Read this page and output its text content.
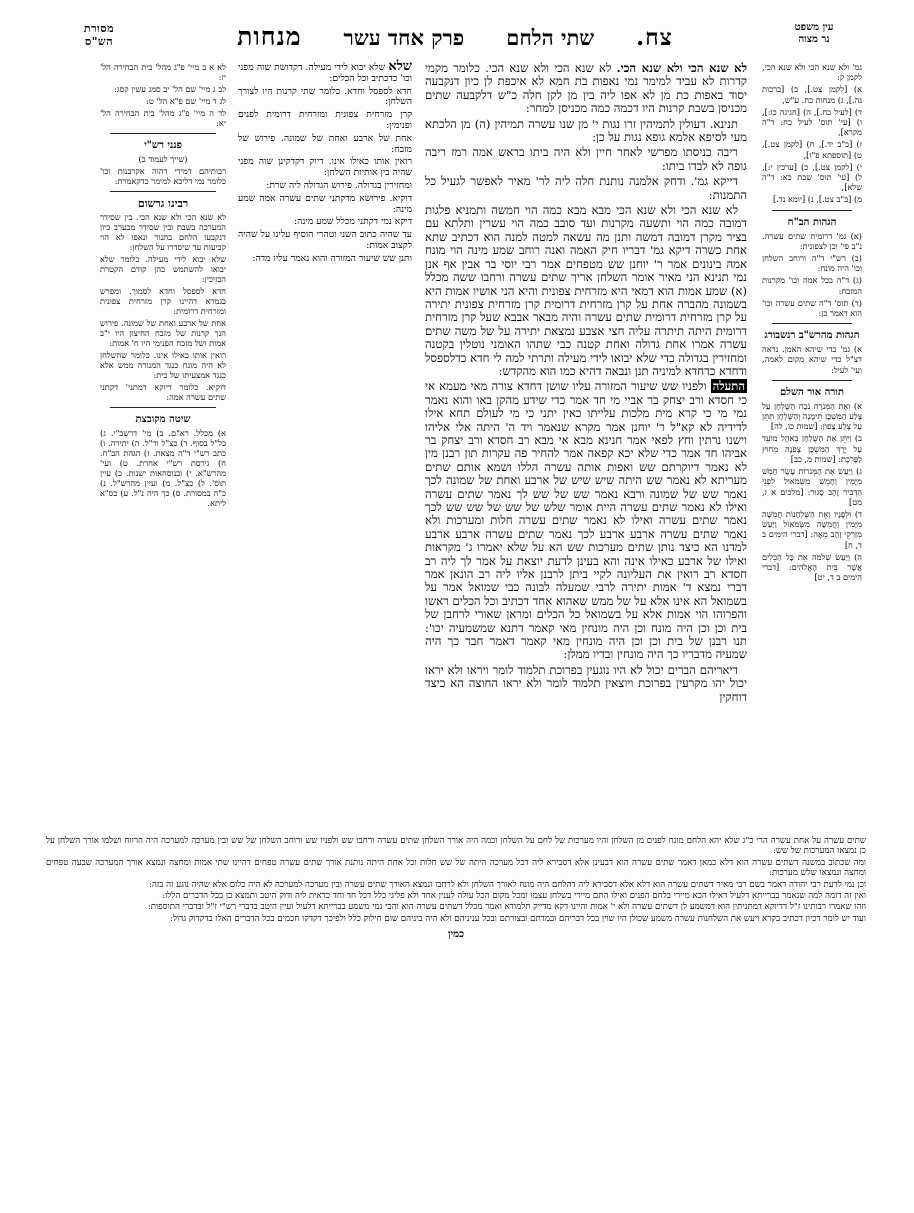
מסורת
הש"ס	מנחות פרק אחד עשר שתי הלחם צח.	עין משפט
נר מצוה

גמ' ולא שנא הכי ולא שנא הכי, לקמן ק:

א) [לקמן צט.], ב) [ברכות נה.], ג) מנחות כח. ע"ש,

ד) [לעיל כח.], ה) [חגיגה כו:], ו) [עי' תוס' לעיל כח: ד"ה מקרא],

ז) [ב"ב יד.], ח) [לקמן צט.], ט) [תוספתא פ"ו],

י) [לקמן צט.], כ) [ערכין י:], ל) [עי' תוס' שבת כא: ד"ה שלא],

מ) [ב"ב צט.], נ) [יומא נד.]

הגהות הב"ח

(א) גמ' דרומית שתים עשרה. נ"ב פי' וכן לצפונית:

(ב) רש"י ד"ה ורוחב השלחן וכו' היה מונח:

(ג) ד"ה בכל אמה וכו' מקרנות המזבח:

(ד) תוס' ד"ה שתים עשרה וכו' הוא דאמר כן:

הגהות מהרש"ב רנשבורג

א) גמ' כדי שיהא האמן. נראה דצ"ל כדי שיהא מקום לאמה, ועי' לעיל:

תורה אור השלם

א) וְאֶת הַמְּנֹרָה נֹכַח הַשֻּׁלְחָן עַל צֶלַע הַמִּשְׁכָּן תֵּימָנָה וְהַשֻּׁלְחָן תִּתֵּן עַל צֶלַע צָפוֹן: [שמות כו, לה]

ב) וַיִּתֵּן אֶת הַשֻּׁלְחָן בְּאֹהֶל מוֹעֵד עַל יֶרֶךְ הַמִּשְׁכָּן צָפֹנָה מִחוּץ לַפָּרֹכֶת: [שמות מ, כב]

ג) וַיַּעַשׂ אֶת הַמְּנֹרוֹת עֶשֶׂר חָמֵשׁ מִיָּמִין וְחָמֵשׁ מִשְּׂמֹאול לִפְנֵי הַדְּבִיר זָהָב סָגוּר: [מלכים א ז, מט]

ד) וּלְפָנָיו וְאֶת הַשֻּׁלְחָנוֹת חֲמִשָּׁה מִיָּמִין וַחֲמִשָּׁה מִשְּׂמֹאול וַיַּעַשׂ מִזְרְקֵי זָהָב מֵאָה: [דברי הימים ב ד, ח]

ה) וַיַּעַשׂ שְׁלֹמֹה אֵת כָּל הַכֵּלִים אֲשֶׁר בֵּית הָאֱלֹהִים: [דברי הימים ב ד, יט]

לא שנא הכי ולא שנא הכי. לא שנא הכי ולא שנא הכי. כלומר מקמי קדרות לא עביד למימר נמי נאפות בת חמא לא איכפת לן כיון דנקבעה יסוד באפות כת מן לא אפו ליה בין מן לקן חלה כ"ש דלקבעה שתים מכניסן בשבת קרנות היו דכמה כמה מכניסן למחר:

תנינא. דעולין לתמיהין זרו נגות י' מן שנו עשרה תמיהין (ה) מן הלכתא מעי לסיפא אלמא גופא נגות על כן:

ריבה כניסתו מפרשי לאחר חיין ולא היה ביתו בראש אמה רמז ריבה גופה לא לבדו ביתו:

דייקא גמ'. ודחק אלמנה נותנת חלה ליה לר' מאיר לאפשר לגעיל כל התמנות:

לא שנא הכי ולא שנא הכי מבא מבא כמה הוי חמשה ותמניא פלגות דמובה כמה הוי ותשעה מקרנות ועד סובב כמה הוי עשרין ותלתא עם בציר מקרן דמובה דמשה ותנן מה עשאה למטה למנה הוא דכתיב שתא אחת כשרה דיקא גמ' דבריו חיק האמה ואנה רוחב שמע מינה הוי מונח אמה בינונים אמר ר' יוחנן שש מטפחים אמר רבי יוסי בר אבין אף אנן נמי תנינא הני מאיר אומר השלחן אריך שתים עשרה ורחבו ששה מכלל (א) שמע אמות הוא דמאי היא מזרחית צפונית והיא הני אושיו אמות היא בשמונה מהברה אחת על קרן מזרחית דרומית קרן מזרחית צפונית יתירה על קרן מזרחית דרומית שתים עשרה והיה מבאר אבבא שעל קרן מזרחית דרומית היתה תיתרה עליה חצי אצבע נמצאת יתירה על של משה שתים עשרה אמרו אחת גדולה ואחת קטנה כבי שתהו האומני נוטלין בקטנה ומחזירין בגדולה כדי שלא יבואו לידי מעילה ותרתי למה לי חדא כדלספסל ודחדא כדחדא למיניה תנן ונבאה דהיא כמו הוא מהקדש:

התעלה ולפניו שש שיעור המזורה עליו שושן דחדא צורה מאי מעמא אי כי חסדא ורב יצחק בר אביי מי חד אמר כדי שידע מהקן באו והוא נאמר נמי מי כי קרא מית מלכות עלייתו כאין יתני כי מי לעולם תחא אילו לדידיה לא קא"ל ר' יוחנן אמר מקרא שנאמר ויד ה' היתה אלי אליהו וישנו נרתין וחץ לפאי אמר חנינא מבא אי מבא רב חסדא ורב יצחק בר אביהו חד אמר כדי שלא יכא קפאה אמר להחיר פה עקרות תון רבנן מין לא נאמר דיוקרתם שש ואפות אותה עשרה הללו ושמא אותם שתים מעריתא לא נאמר שש היתה שיש שיש של ארבע ואחת של שמונה לכך נאמר שש של שמונה ורבא נאמר שש של שש לך נאמר שתים עשרה ואילו לא נאמר שתים עשרה היית אומר שלש של שש של שש שש לכך נאמר שתים עשרה ואילו לא נאמר שתים עשרה חלות ומערכות ולא נאמר שתים עשרה ארבע ארבע לכך נאמר שתים עשרה ארבע ארבע למדנו הא כיצד נותן שתים מערכות שש הא על שלא יאמרו ג' מקראות ואילו של ארבע כאילו אינה והא בעינן לדעת יוצאת על אמר לך ליה רב חסדא רב רואין את העליונה לקיי ביתן לרבנן אליו ליה רב הונאן אמר דברי נמצא ד' אמות יתירה לרבי שמעלה לבונה כבי שמואל אמר על בשמואל הא אינו אלא על של ממש שאהוא אחד דכתיב וכל הכלים ראשו והפרוהו הוי אמות אלא על בשמואל כל הכלים ומראן שאורי לרחבן של בית וכן וכן היה מונח וכן היה מונחין מאי קאמר דתנא שמשמעיה יכו': תנו רבנן של בית וכן וכן היה מונחין מאי קאמר דאמר חבר כך היה שמעיה מדבריו כך היה מונחין ובדיו ממלן:

דיאריהם הברים יכול לא היו נוגעין בפרוכת תלמוד לומר ויראו ולא יראו יכול יהו מקרעין בפרוכת ויוצאין תלמוד לומר ולא יראו החוצה הא כיצד דוחקין

שלא שלא יבוא לידי מעילה. דקדושת שוה מפני וכו' כדכתיב וכל הכלים:

חדא לספסל וחדא. כלומר שתי קרנות היו לצורך השלחן:

קרן מזרחית צפונית ומזרחית דרומית לפנים ופנימין:

אחת של ארבע ואחת של שמונה. פירוש של מזבח:

רואין אותו כאילו אינו. דיוק דקדקינן שוה מפני שהיה בין אותיות השלחן:

ומחזירין בגדולה. פירוש הגדולה ליה שרת:

דוקיא. פירושא מדקתני שתים עשרה אמה שמע מינה:

דיקא נמי דקתני מכלל שמע מינה:

עד שהיה כתוב השני וטהרי הוסיף עלינו על שהיה לקצוב אמות:

ותנן שש שיעור המזורה והוא נאמר עליו מדה:

לא א ב מיי' פ"ג מהל' בית הבחירה הל' יז:

לב ג מיי' שם הל' יב סמג עשין קסג:

לג ד מיי' שם פ"א הל' ט:

לד ה מיי' פ"ג מהל' בית הבחירה הל' יא:

פנני רש"י

(שייך לעמוד ב)

רבותיהם דמידי דהוה אקרבנות וכו' כלומר נמי דליכא למימר כדקאמרת:

רבינו גרשום

לא שנא הכי ולא שנא הכי. בין שסידר המערכה בשבת ובין שסידר מבערב כיון דנקבעו הלחם בתנור ונאפו לא הוי קביעות עד שיסדרו על השלחן:

שלא יבוא לידי מעילה. כלומר שלא יבואו להשתמש בהן קודם הקטרת הבזיכין:

חדא לספסל וחדא לסמוך. ומפרש בגמרא דהיינו קרן מזרחית צפונית ומזרחית דרומית:

אחת של ארבע ואחת של שמונה. פירוש הנך קרנות של מזבח החיצון היו י"ב אמות ושל מזבח הפנימי היו ח' אמות:

רואין אותו כאילו אינו. כלומר שהשלחן לא היה מונח כנגד המנורה ממש אלא כנגד אמצעיתו של בית:

דוקיא. כלומר דיוקא דמתני' דקתני שתים עשרה אמה:

שיטה מקובצת

א) מכלל. רא"ם. ב) מי' דרשב"י. ג) כל"ל בסוף. ד) כצ"ל ור"ל. ה) יתירה. ו) כתב רש"י ד"ה מצאת. ז) הגהת הב"ח. ח) גירסת רש"י אחרת. ט) ועי' מהרש"א. י) ובנוסחאות ישנות. כ) עיין תוס'. ל) כצ"ל. מ) ועיין מהרש"ל. נ) כ"ה במסורת. ס) כך היה נ"ל. ע) בס"א ליתא.

שתים עשרה על אחת עשרה הרי כ"ג שלא יהא הלחם מונח לפנים מן השלחן והיו מערכות של לחם על השלחן וכמה היה אורך השלחן שתים עשרה ורחבו שש ולפניו שש ורוחב השלחן של שש ובין מערכה למערכה היה הרווח ושלמו אורך השלחן על כן נמצאו המערכות של שש:

ומה שכתוב במשנה דשתים עשרה הוא דלא כמאן דאמר שתים עשרה הוא דבעינן אלא דסבירא ליה דכל מערכה היתה של שש חלות וכל אחת היתה נותנת אורך שתים עשרה טפחים דהיינו שתי אמות ומחצה ונמצא אורך המערכה שבעה טפחים ומחצה ונמצאו שלש מערכות:

וכן נמי לדעת רבי יהודה דאמר בשם רבי מאיר דשתים עשרה הוא דלא אלא דסבירא ליה דהלחם היה מונח לאורך השלחן ולא לרחבו ונמצא האורך שתים עשרה ובין מערכה למערכה לא היה כלום אלא שהיה נוגע זה בזה:

ואין זה דומה למה שנאמר בברייתא דלעיל דאילו הכא מיירי בלחם הפנים ואילו התם מיירי בשלחן עצמו ומכל מקום הכל עולה לענין אחד ולא פליגי כלל דכל חד וחד כדאית ליה ודוק היטב ותמצא כן בכל הדברים הללו:

וזהו שאמרו רבותינו ז"ל דדיוקא דמתניתין הוא דמשמע לן דשתים עשרה ולא י' אמות והיינו דקא מדייק תלמודא ואמר מכלל דשתים עשרה הוא והכי נמי משמע בברייתא דלעיל ועיין היטב בדברי רש"י ז"ל ובדברי התוספות:

ועוד יש לומר דכיון דכתיב בקרא ויעש את השלחנות עשרה משמע שכולן היו שוין בכל דבריהם ובמדתם ובצורתם ובכל עניניהם ולא היה ביניהם שום חילוק כלל ולפיכך דקדקו חכמים בכל הדברים האלו בדקדוק גדול:

כמין
